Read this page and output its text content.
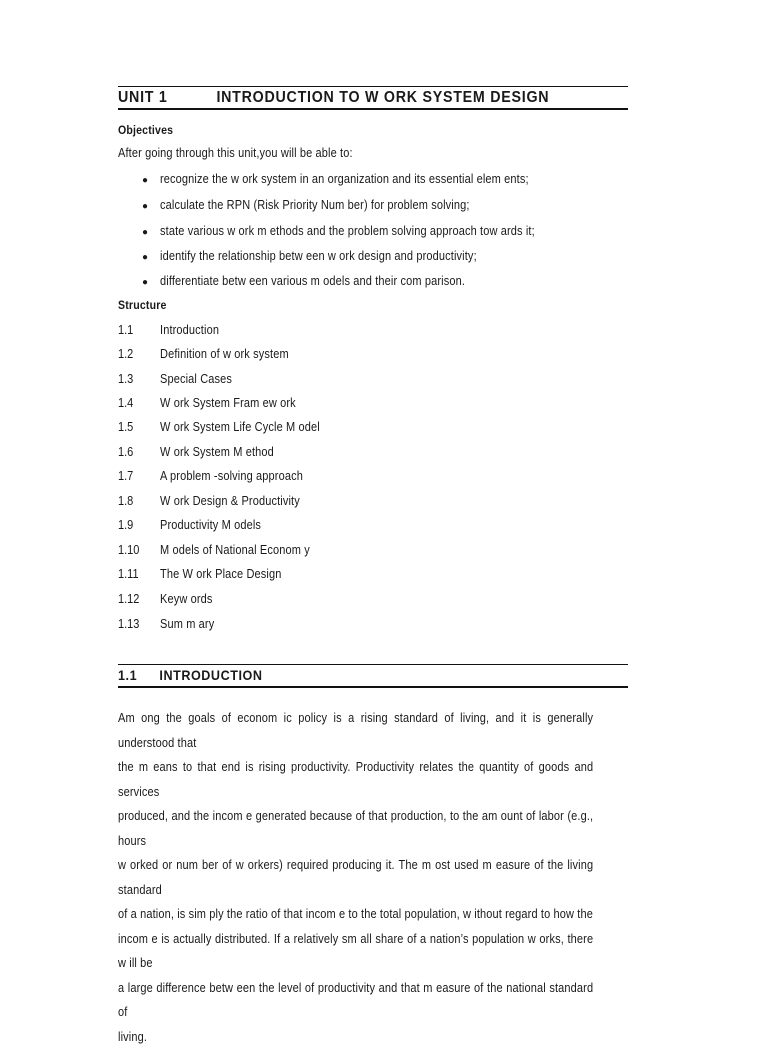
UNIT 1	INTRODUCTION TO W ORK SYSTEM DESIGN
Objectives
After going through this unit,you will be able to:
● recognize the w ork system in an organization and its essential elem ents;
● calculate the RPN (Risk Priority Num ber) for problem solving;
● state various w ork m ethods and the problem solving approach tow ards it;
● identify the relationship betw een w ork design and productivity;
● differentiate betw een various m odels and their com parison.
Structure
1.1 Introduction
1.2 Definition of w ork system
1.3 Special Cases
1.4 W ork System Fram ew ork
1.5 W ork System Life Cycle M odel
1.6 W ork System M ethod
1.7 A problem -solving approach
1.8 W ork Design & Productivity
1.9 Productivity M odels
1.10 M odels of National Econom y
1.11 The W ork Place Design
1.12 Keyw ords
1.13 Sum m ary
1.1 INTRODUCTION
Am ong the goals of econom ic policy is a rising standard of living, and it is generally understood that
the m eans to that end is rising productivity. Productivity relates the quantity of goods and services
produced, and the incom e generated because of that production, to the am ount of labor (e.g., hours
w orked or num ber of w orkers) required producing it. The m ost used m easure of the living standard
of a nation, is sim ply the ratio of that incom e to the total population, w ithout regard to how the
incom e is actually distributed. If a relatively sm all share of a nation’s population w orks, there w ill be
a large difference betw een the level of productivity and that m easure of the national standard of
living.
